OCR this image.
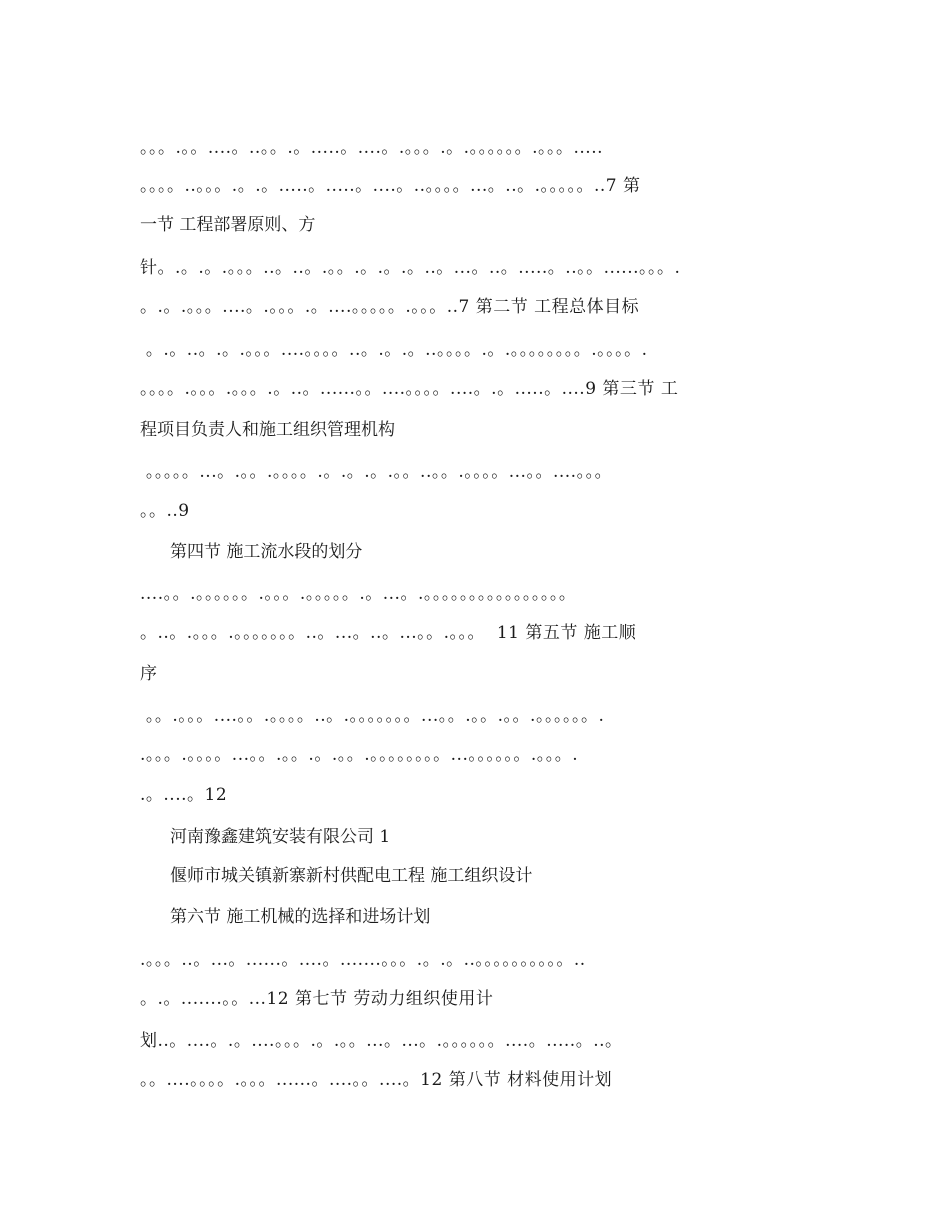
。。。.。。....。..。。.。.....。....。.。。。.。.。。。。。。.。。。.....
。。。。..。。。.。.。.....。.....。....。..。。。。...。..。.。。。。。..7 第
一节 工程部署原则、方
针。.。.。.。。。..。..。.。。.。.。.。..。...。..。.....。..。。......。。。.
。.。.。。。....。.。。。.。....。。。。。.。。。..7 第二节 工程总体目标
。.。..。.。.。。。....。。。。..。.。.。..。。。。.。.。。。。。。。。.。。。。.
。。。。.。。。.。。。.。..。......。。....。。。。....。.。.....。....9 第三节 工
程项目负责人和施工组织管理机构
。。。。。...。.。。.。。。。.。.。.。.。。..。。.。。。。...。。....。。。
。。..9
第四节 施工流水段的划分
....。。.。。。。。。.。。。.。。。。。.。...。.。。。。。。。。。。。。。。。。
。..。.。。。.。。。。。。。..。...。..。...。。.。。。  11 第五节 施工顺
序
。。.。。。....。。.。。。。..。.。。。。。。。...。。.。。.。。.。。。。。。.
.。。。.。。。。...。。.。。.。.。。.。。。。。。。。...。。。。。。.。。。.
.。....。12
河南豫鑫建筑安装有限公司 1
偃师市城关镇新寨新村供配电工程 施工组织设计
第六节 施工机械的选择和进场计划
.。。。..。...。......。....。.......。。。.。.。..。。。。。。。。。。..
。.。.......。。...12 第七节 劳动力组织使用计
划..。....。.。....。。。.。.。。...。...。.。。。。。。....。.....。..。
。。....。。。。.。。。......。....。。....。12 第八节 材料使用计划
